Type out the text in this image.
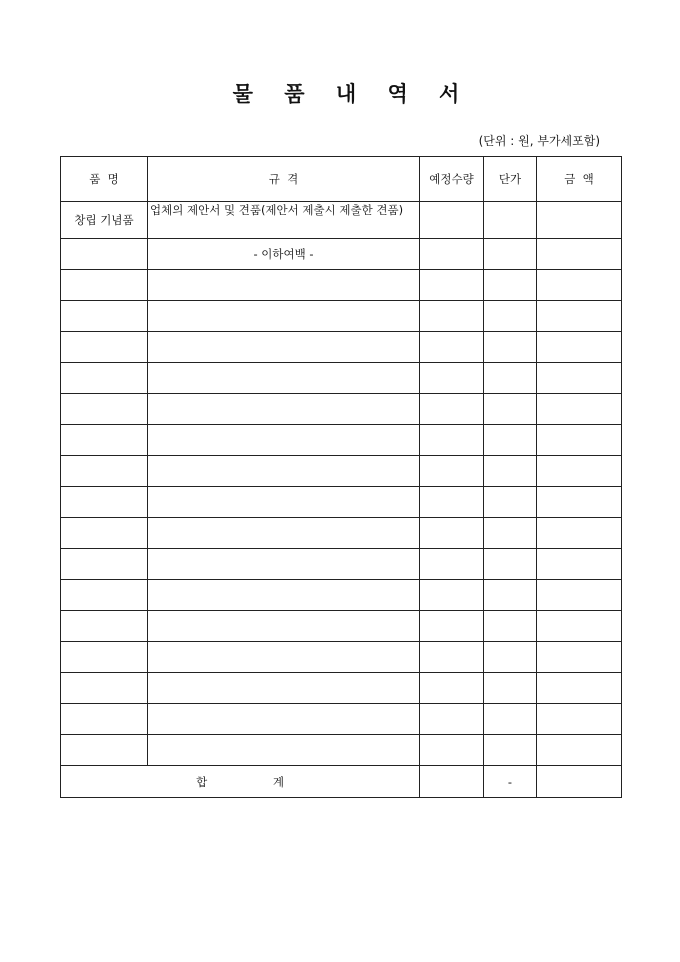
물 품 내 역 서
(단위 : 원, 부가세포함)
품  명	규  격	예정수량	단가	금  액
창립 기념품	업체의 제안서 및 견품(제안서 제출시 제출한 견품)			
	- 이하여백 -			

합 계			-	
